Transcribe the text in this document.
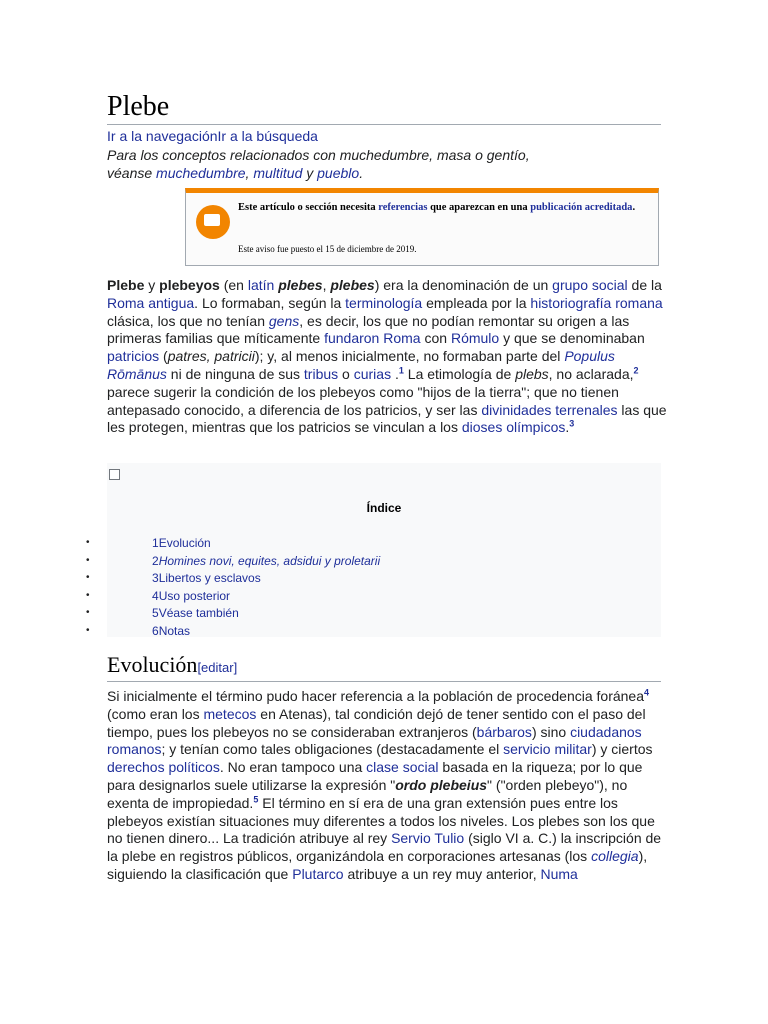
Plebe
Ir a la navegaciónIr a la búsqueda
Para los conceptos relacionados con muchedumbre, masa o gentío,
véanse muchedumbre, multitud y pueblo.
Este artículo o sección necesita referencias que aparezcan en una publicación acreditada.
Este aviso fue puesto el 15 de diciembre de 2019.

Plebe y plebeyos (en latín plebes, plebes) era la denominación de un grupo social de la Roma antigua. Lo formaban, según la terminología empleada por la historiografía romana clásica, los que no tenían gens, es decir, los que no podían remontar su origen a las primeras familias que míticamente fundaron Roma con Rómulo y que se denominaban patricios (patres, patricii); y, al menos inicialmente, no formaban parte del Populus Rōmānus ni de ninguna de sus tribus o curias .$^1$ La etimología de plebs, no aclarada,$^2$ parece sugerir la condición de los plebeyos como "hijos de la tierra"; que no tienen antepasado conocido, a diferencia de los patricios, y ser las divinidades terrenales las que les protegen, mientras que los patricios se vinculan a los dioses olímpicos.$^3$

Índice
•
•
•
•
•
•
1Evolución
2Homines novi, equites, adsidui y proletarii
3Libertos y esclavos
4Uso posterior
5Véase también
6Notas
Evolución[editar]

Si inicialmente el término pudo hacer referencia a la población de procedencia foránea$^4$ (como eran los metecos en Atenas), tal condición dejó de tener sentido con el paso del tiempo, pues los plebeyos no se consideraban extranjeros (bárbaros) sino ciudadanos romanos; y tenían como tales obligaciones (destacadamente el servicio militar) y ciertos derechos políticos. No eran tampoco una clase social basada en la riqueza; por lo que para designarlos suele utilizarse la expresión "ordo plebeius" ("orden plebeyo"), no exenta de impropiedad.$^5$ El término en sí era de una gran extensión pues entre los plebeyos existían situaciones muy diferentes a todos los niveles. Los plebes son los que no tienen dinero... La tradición atribuye al rey Servio Tulio (siglo VI a. C.) la inscripción de la plebe en registros públicos, organizándola en corporaciones artesanas (los collegia), siguiendo la clasificación que Plutarco atribuye a un rey muy anterior, Numa
